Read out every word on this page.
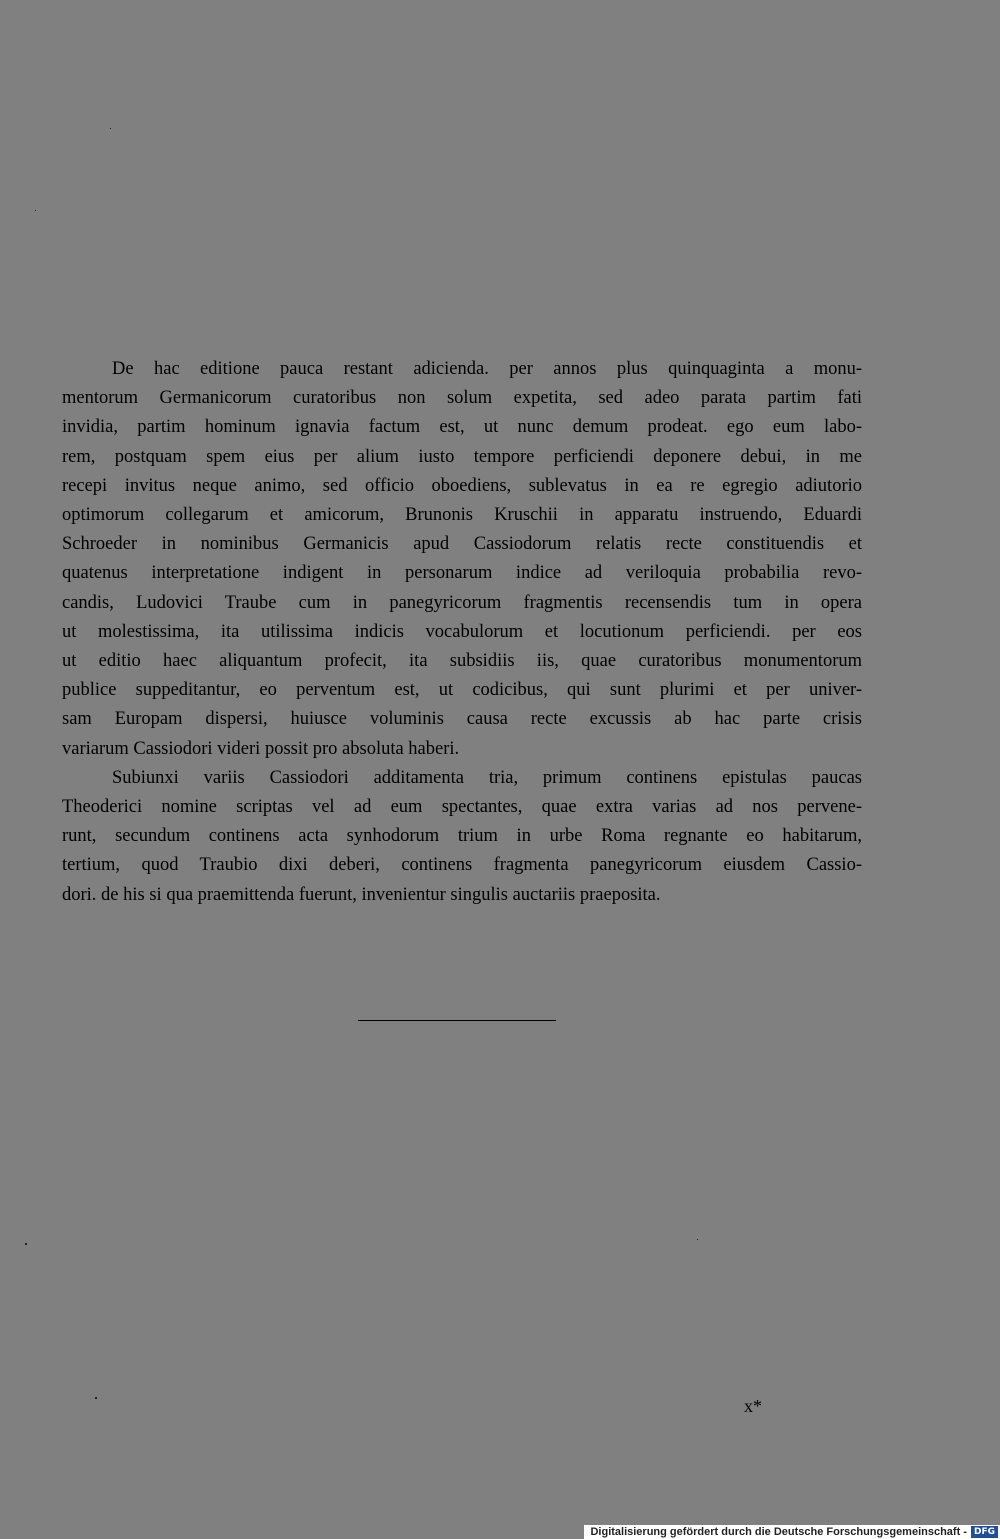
De hac editione pauca restant adicienda. per annos plus quinquaginta a monu-
mentorum Germanicorum curatoribus non solum expetita, sed adeo parata partim fati
invidia, partim hominum ignavia factum est, ut nunc demum prodeat. ego eum labo-
rem, postquam spem eius per alium iusto tempore perficiendi deponere debui, in me
recepi invitus neque animo, sed officio oboediens, sublevatus in ea re egregio adiutorio
optimorum collegarum et amicorum, Brunonis Kruschii in apparatu instruendo, Eduardi
Schroeder in nominibus Germanicis apud Cassiodorum relatis recte constituendis et
quatenus interpretatione indigent in personarum indice ad veriloquia probabilia revo-
candis, Ludovici Traube cum in panegyricorum fragmentis recensendis tum in opera
ut molestissima, ita utilissima indicis vocabulorum et locutionum perficiendi. per eos
ut editio haec aliquantum profecit, ita subsidiis iis, quae curatoribus monumentorum
publice suppeditantur, eo perventum est, ut codicibus, qui sunt plurimi et per univer-
sam Europam dispersi, huiusce voluminis causa recte excussis ab hac parte crisis
variarum Cassiodori videri possit pro absoluta haberi.

Subiunxi variis Cassiodori additamenta tria, primum continens epistulas paucas
Theoderici nomine scriptas vel ad eum spectantes, quae extra varias ad nos pervene-
runt, secundum continens acta synhodorum trium in urbe Roma regnante eo habitarum,
tertium, quod Traubio dixi deberi, continens fragmenta panegyricorum eiusdem Cassio-
dori. de his si qua praemittenda fuerunt, invenientur singulis auctariis praeposita.

x*
Digitalisierung gefördert durch die Deutsche Forschungsgemeinschaft - DFG
